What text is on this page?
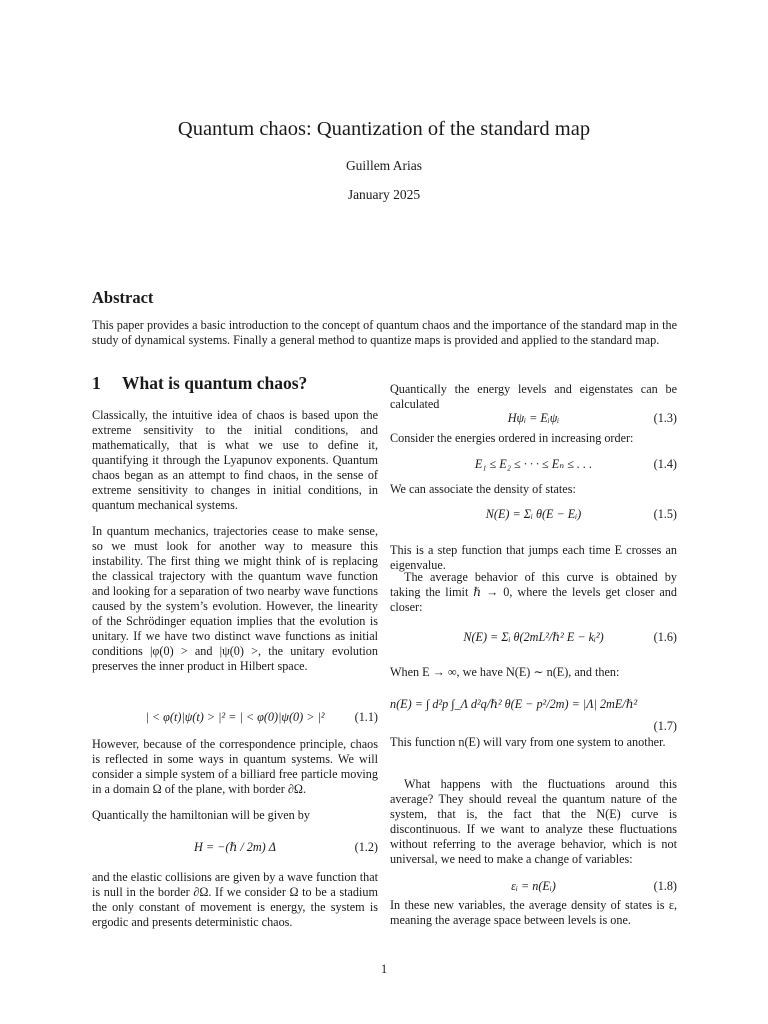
Quantum chaos: Quantization of the standard map
Guillem Arias
January 2025
Abstract
This paper provides a basic introduction to the concept of quantum chaos and the importance of the standard map in the study of dynamical systems. Finally a general method to quantize maps is provided and applied to the standard map.
1 What is quantum chaos?
Classically, the intuitive idea of chaos is based upon the extreme sensitivity to the initial conditions, and mathematically, that is what we use to define it, quantifying it through the Lyapunov exponents. Quantum chaos began as an attempt to find chaos, in the sense of extreme sensitivity to changes in initial conditions, in quantum mechanical systems.
In quantum mechanics, trajectories cease to make sense, so we must look for another way to measure this instability. The first thing we might think of is replacing the classical trajectory with the quantum wave function and looking for a separation of two nearby wave functions caused by the system’s evolution. However, the linearity of the Schrödinger equation implies that the evolution is unitary. If we have two distinct wave functions as initial conditions |φ(0) > and |ψ(0) >, the unitary evolution preserves the inner product in Hilbert space.
| < φ(t)|ψ(t) > |² = | < φ(0)|ψ(0) > |²	(1.1)
However, because of the correspondence principle, chaos is reflected in some ways in quantum systems. We will consider a simple system of a billiard free particle moving in a domain Ω of the plane, with border ∂Ω.
Quantically the hamiltonian will be given by
H = −(ℏ / 2m) Δ	(1.2)
and the elastic collisions are given by a wave function that is null in the border ∂Ω. If we consider Ω to be a stadium the only constant of movement is energy, the system is ergodic and presents deterministic chaos.
Quantically the energy levels and eigenstates can be calculated
Hψᵢ = Eᵢψᵢ	(1.3)
Consider the energies ordered in increasing order:
E₁ ≤ E₂ ≤ · · · ≤ Eₙ ≤ . . .	(1.4)
We can associate the density of states:
N(E) = Σᵢ θ(E − Eᵢ)	(1.5)
This is a step function that jumps each time E crosses an eigenvalue.
The average behavior of this curve is obtained by taking the limit ℏ → 0, where the levels get closer and closer:
N(E) = Σᵢ θ(2mL²/ℏ² E − kᵢ²)	(1.6)
When E → ∞, we have N(E) ∼ n(E), and then:
n(E) = ∫ d²p ∫_Λ d²q/ℏ² θ(E − p²/2m) = |Λ| 2mE/ℏ²
(1.7)
This function n(E) will vary from one system to another.
What happens with the fluctuations around this average? They should reveal the quantum nature of the system, that is, the fact that the N(E) curve is discontinuous. If we want to analyze these fluctuations without referring to the average behavior, which is not universal, we need to make a change of variables:
εᵢ = n(Eᵢ)	(1.8)
In these new variables, the average density of states is ε, meaning the average space between levels is one.
1
